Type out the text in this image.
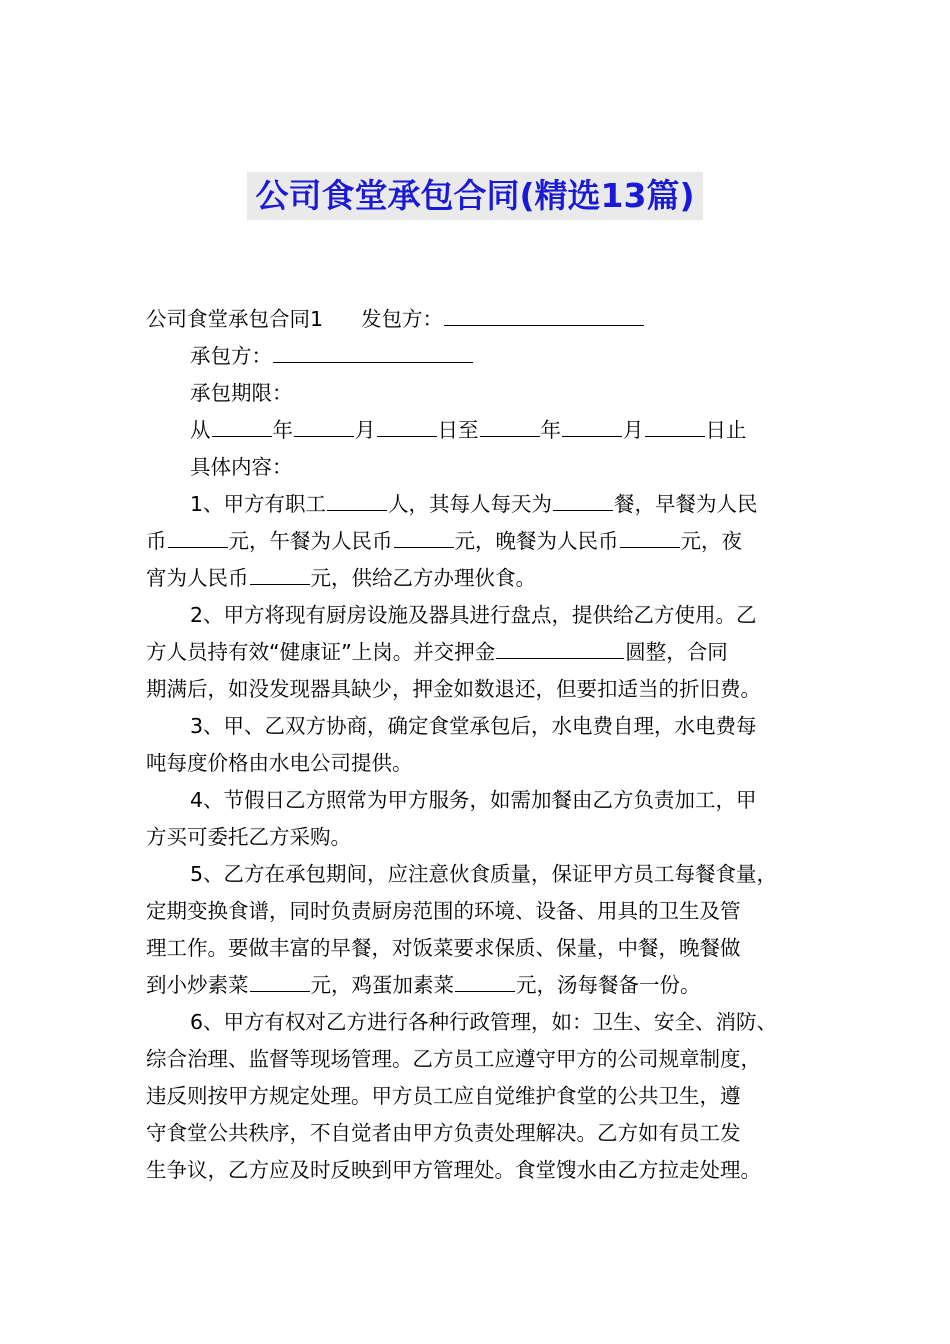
公司食堂承包合同(精选13篇)
公司食堂承包合同1 发包方：
承包方：
承包期限：
从	年	月	日至	年	月	日止
具体内容：
1、甲方有职工	人，其每人每天为	餐，早餐为人民
币	元，午餐为人民币	元，晚餐为人民币	元，夜
宵为人民币	元，供给乙方办理伙食。
2、甲方将现有厨房设施及器具进行盘点，提供给乙方使用。乙
方人员持有效“健康证”上岗。并交押金	圆整，合同
期满后，如没发现器具缺少，押金如数退还，但要扣适当的折旧费。
3、甲、乙双方协商，确定食堂承包后，水电费自理，水电费每
吨每度价格由水电公司提供。
4、节假日乙方照常为甲方服务，如需加餐由乙方负责加工，甲
方买可委托乙方采购。
5、乙方在承包期间，应注意伙食质量，保证甲方员工每餐食量，
定期变换食谱，同时负责厨房范围的环境、设备、用具的卫生及管
理工作。要做丰富的早餐，对饭菜要求保质、保量，中餐，晚餐做
到小炒素菜	元，鸡蛋加素菜	元，汤每餐备一份。
6、甲方有权对乙方进行各种行政管理，如：卫生、安全、消防、
综合治理、监督等现场管理。乙方员工应遵守甲方的公司规章制度，
违反则按甲方规定处理。甲方员工应自觉维护食堂的公共卫生，遵
守食堂公共秩序，不自觉者由甲方负责处理解决。乙方如有员工发
生争议，乙方应及时反映到甲方管理处。食堂馊水由乙方拉走处理。
